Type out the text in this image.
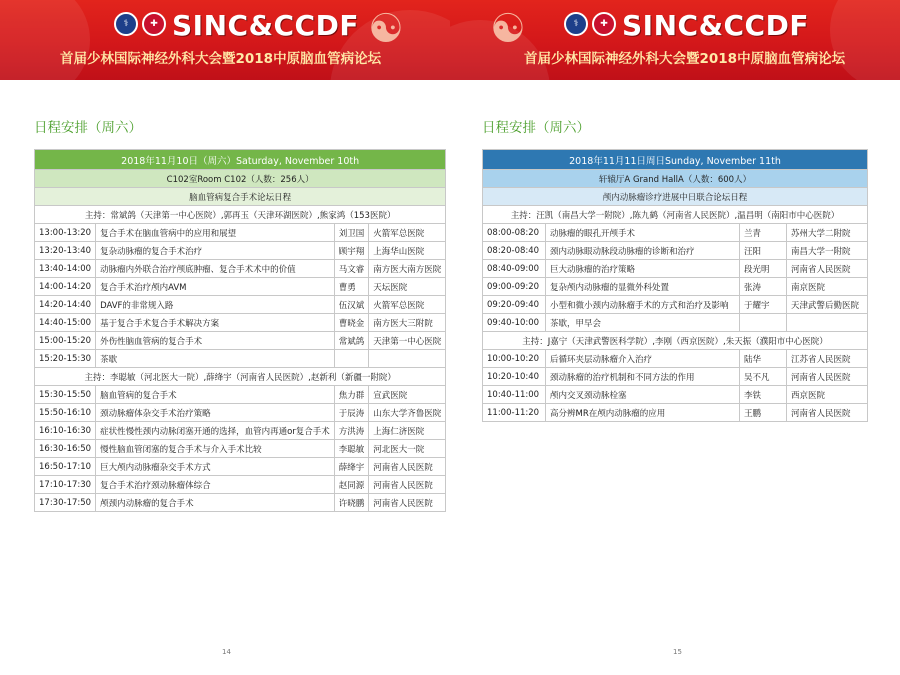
⚕	✚ SINC&CCDF ☯
首届少林国际神经外科大会暨2018中原脑血管病论坛
☯	⚕	✚ SINC&CCDF
首届少林国际神经外科大会暨2018中原脑血管病论坛
日程安排（周六）
2018年11月10日（周六）Saturday, November 10th			
C102室Room C102（人数：256人）			
脑血管病复合手术论坛日程			
主持：常斌鸽（天津第一中心医院）,郭再玉（天津环湖医院）,熊家鸿（153医院）			
13:00-13:20	复合手术在脑血管病中的应用和展望	刘卫国	火箭军总医院
13:20-13:40	复杂动脉瘤的复合手术治疗	顾宇翔	上海华山医院
13:40-14:00	动脉瘤内外联合治疗颅底肿瘤、复合手术术中的价值	马文睿	南方医大南方医院
14:00-14:20	复合手术治疗颅内AVM	曹勇	天坛医院
14:20-14:40	DAVF的非常规入路	伍汉斌	火箭军总医院
14:40-15:00	基于复合手术复合手术解决方案	曹晓金	南方医大三附院
15:00-15:20	外伤性脑血管病的复合手术	常斌鸽	天津第一中心医院
15:20-15:30	茶歇		
主持：李聪敏（河北医大一院）,薛绛宇（河南省人民医院）,赵新利（新疆一附院）			
15:30-15:50	脑血管病的复合手术	焦力群	宣武医院
15:50-16:10	颈动脉瘤体杂交手术治疗策略	于辰涛	山东大学齐鲁医院
16:10-16:30	症状性慢性颈内动脉闭塞开通的选择，血管内再通or复合手术	方洪涛	上海仁济医院
16:30-16:50	慢性脑血管闭塞的复合手术与介入手术比较	李聪敏	河北医大一院
16:50-17:10	巨大颅内动脉瘤杂交手术方式	薛绛宇	河南省人民医院
17:10-17:30	复合手术治疗颈动脉瘤体综合	赵同源	河南省人民医院
17:30-17:50	颅颈内动脉瘤的复合手术	许晓鹏	河南省人民医院
14
日程安排（周六）
2018年11月11日周日Sunday, November 11th			
轩辕厅A Grand HallA（人数：600人）			
颅内动脉瘤诊疗进展中日联合论坛日程			
主持：汪凯（南昌大学一附院）,陈九鹤（河南省人民医院）,温昌明（南阳市中心医院）			
08:00-08:20	动脉瘤的眼孔开颅手术	兰青	苏州大学二附院
08:20-08:40	颈内动脉眼动脉段动脉瘤的诊断和治疗	汪阳	南昌大学一附院
08:40-09:00	巨大动脉瘤的治疗策略	段光明	河南省人民医院
09:00-09:20	复杂颅内动脉瘤的显微外科处置	张涛	南京医院
09:20-09:40	小型和微小颈内动脉瘤手术的方式和治疗及影响	于耀宇	天津武警后勤医院
09:40-10:00	茶歇，甲早会		
主持：J嘉宁（天津武警医科学院）,李刚（西京医院）,朱天振（濮阳市中心医院）			
10:00-10:20	后循环夹层动脉瘤介入治疗	陆华	江苏省人民医院
10:20-10:40	颈动脉瘤的治疗机制和不同方法的作用	吴不凡	河南省人民医院
10:40-11:00	颅内交叉颈动脉栓塞	李铁	西京医院
11:00-11:20	高分辨MR在颅内动脉瘤的应用	王鹏	河南省人民医院
15
